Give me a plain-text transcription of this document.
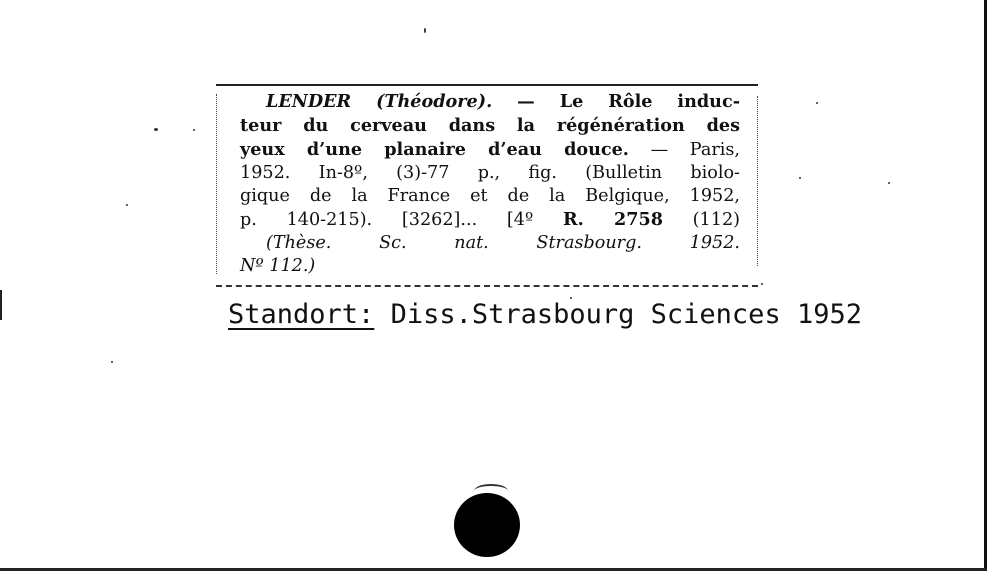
LENDER (Théodore). — Le Rôle induc-
teur du cerveau dans la régénération des
yeux d’une planaire d’eau douce. — Paris,
1952. In-8º, (3)-77 p., fig. (Bulletin biolo-
gique de la France et de la Belgique, 1952,
p. 140-215). [3262]... [4º R. 2758 (112)
(Thèse. Sc. nat. Strasbourg. 1952.
Nº 112.)
Standort: Diss.Strasbourg Sciences 1952
